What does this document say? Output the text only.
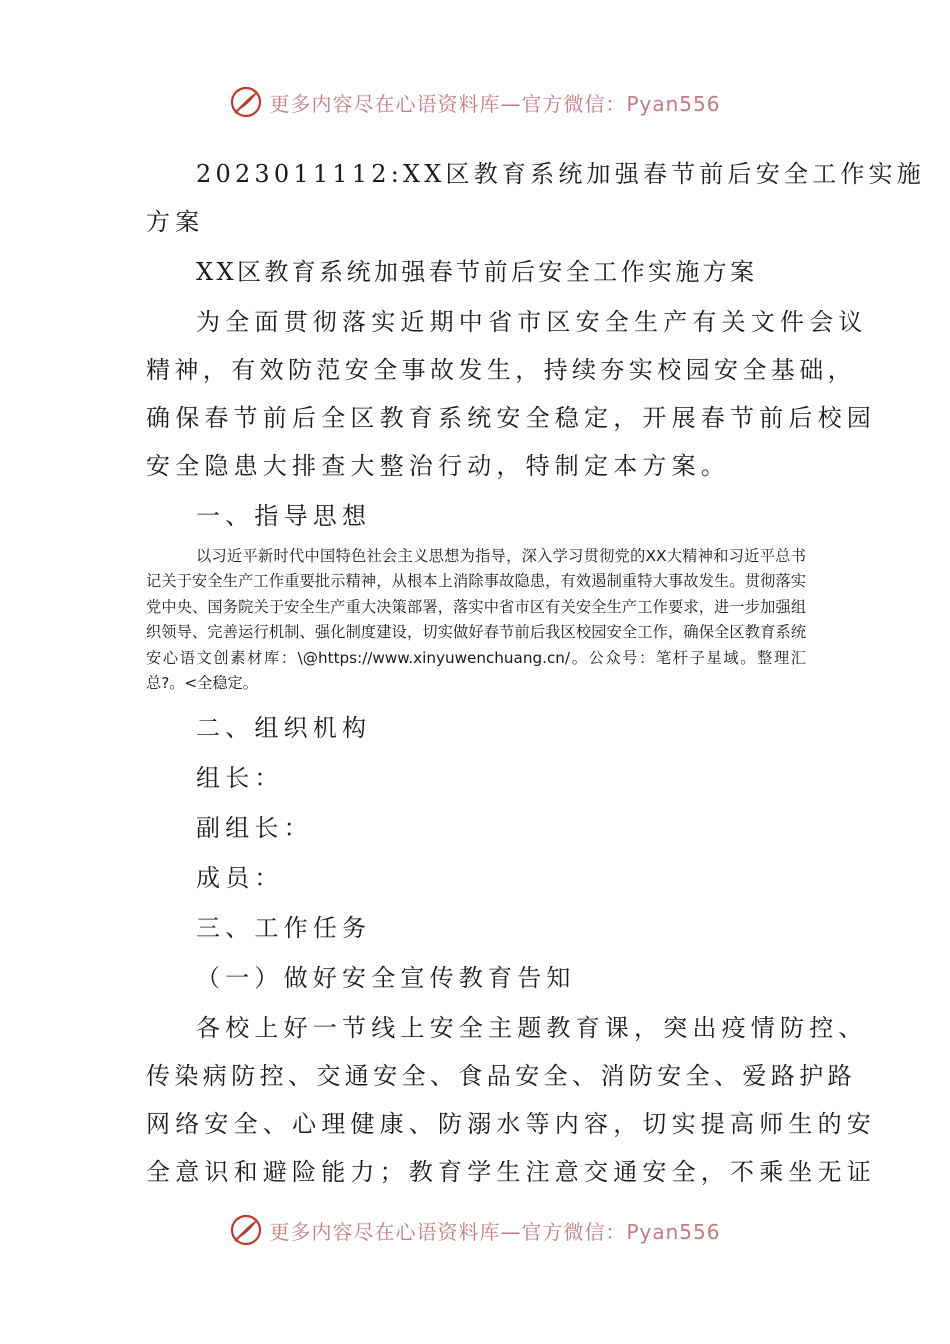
更多内容尽在心语资料库—官方微信：Pyan556
2023011112:XX区教育系统加强春节前后安全工作实施
方案
XX区教育系统加强春节前后安全工作实施方案
为全面贯彻落实近期中省市区安全生产有关文件会议
精神，有效防范安全事故发生，持续夯实校园安全基础，
确保春节前后全区教育系统安全稳定，开展春节前后校园
安全隐患大排查大整治行动，特制定本方案。
一、指导思想

以习近平新时代中国特色社会主义思想为指导，深入学习贯彻党的XX大精神和习近平总书记关于安全生产工作重要批示精神，从根本上消除事故隐患，有效遏制重特大事故发生。贯彻落实党中央、国务院关于安全生产重大决策部署，落实中省市区有关安全生产工作要求，进一步加强组织领导、完善运行机制、强化制度建设，切实做好春节前后我区校园安全工作，确保全区教育系统安心语文创素材库：\@https://www.xinyuwenchuang.cn/。公众号：笔杆子星域。整理汇总?。<全稳定。

二、组织机构
组长：
副组长：
成员：
三、工作任务
（一）做好安全宣传教育告知
各校上好一节线上安全主题教育课，突出疫情防控、
传染病防控、交通安全、食品安全、消防安全、爱路护路
网络安全、心理健康、防溺水等内容，切实提高师生的安
全意识和避险能力；教育学生注意交通安全，不乘坐无证
更多内容尽在心语资料库—官方微信：Pyan556
